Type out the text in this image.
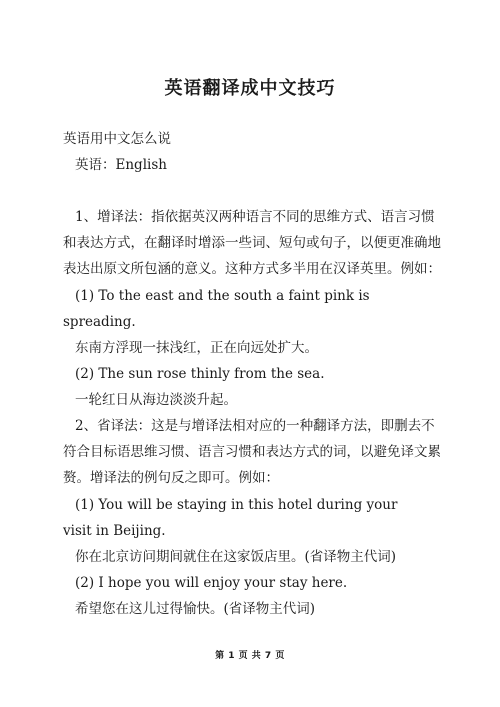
英语翻译成中文技巧
英语用中文怎么说
英语：English
1、增译法：指依据英汉两种语言不同的思维方式、语言习惯
和表达方式，在翻译时增添一些词、短句或句子，以便更准确地
表达出原文所包涵的意义。这种方式多半用在汉译英里。例如：
(1) To the east and the south a faint pink is
spreading.
东南方浮现一抹浅红，正在向远处扩大。
(2) The sun rose thinly from the sea.
一轮红日从海边淡淡升起。
2、省译法：这是与增译法相对应的一种翻译方法，即删去不
符合目标语思维习惯、语言习惯和表达方式的词，以避免译文累
赘。增译法的例句反之即可。例如：
(1) You will be staying in this hotel during your
visit in Beijing.
你在北京访问期间就住在这家饭店里。(省译物主代词)
(2) I hope you will enjoy your stay here.
希望您在这儿过得愉快。(省译物主代词)
第 1 页 共 7 页
